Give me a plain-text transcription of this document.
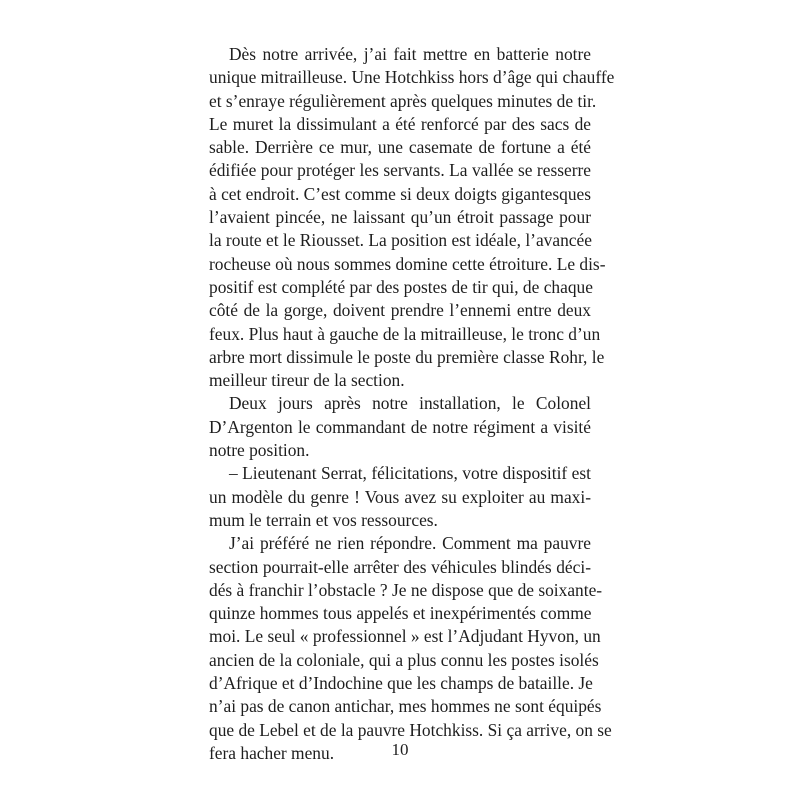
Dès notre arrivée, j’ai fait mettre en batterie notre
unique mitrailleuse. Une Hotchkiss hors d’âge qui chauffe
et s’enraye régulièrement après quelques minutes de tir.
Le muret la dissimulant a été renforcé par des sacs de
sable. Derrière ce mur, une casemate de fortune a été
édifiée pour protéger les servants. La vallée se resserre
à cet endroit. C’est comme si deux doigts gigantesques
l’avaient pincée, ne laissant qu’un étroit passage pour
la route et le Riousset. La position est idéale, l’avancée
rocheuse où nous sommes domine cette étroiture. Le dis-
positif est complété par des postes de tir qui, de chaque
côté de la gorge, doivent prendre l’ennemi entre deux
feux. Plus haut à gauche de la mitrailleuse, le tronc d’un
arbre mort dissimule le poste du première classe Rohr, le
meilleur tireur de la section.
Deux jours après notre installation, le Colonel
D’Argenton le commandant de notre régiment a visité
notre position.
– Lieutenant Serrat, félicitations, votre dispositif est
un modèle du genre ! Vous avez su exploiter au maxi-
mum le terrain et vos ressources.
J’ai préféré ne rien répondre. Comment ma pauvre
section pourrait-elle arrêter des véhicules blindés déci-
dés à franchir l’obstacle ? Je ne dispose que de soixante-
quinze hommes tous appelés et inexpérimentés comme
moi. Le seul « professionnel » est l’Adjudant Hyvon, un
ancien de la coloniale, qui a plus connu les postes isolés
d’Afrique et d’Indochine que les champs de bataille. Je
n’ai pas de canon antichar, mes hommes ne sont équipés
que de Lebel et de la pauvre Hotchkiss. Si ça arrive, on se
fera hacher menu.	10
